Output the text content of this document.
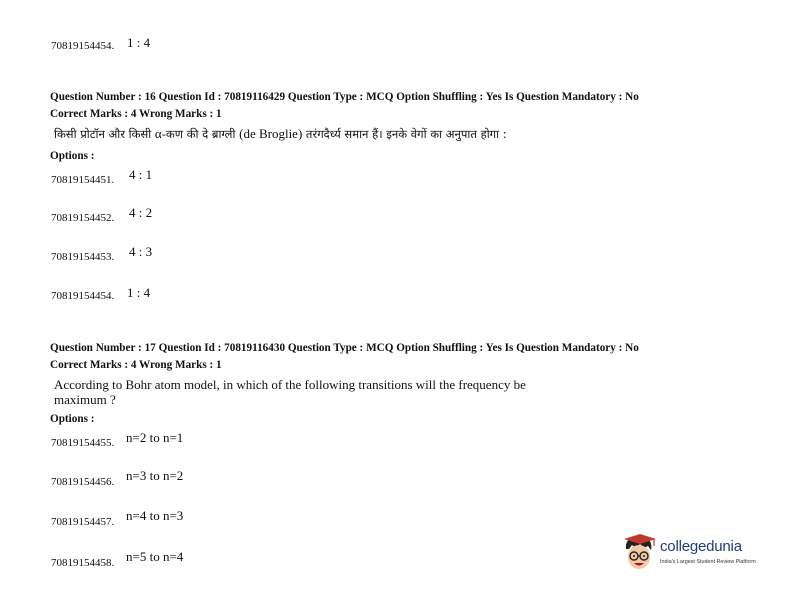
70819154454. 1 : 4
Question Number : 16 Question Id : 70819116429 Question Type : MCQ Option Shuffling : Yes Is Question Mandatory : No
Correct Marks : 4 Wrong Marks : 1
किसी प्रोटॉन और किसी α-कण की दे ब्राग्ली (de Broglie) तरंगदैर्ध्य समान हैं। इनके वेगों का अनुपात होगा :
Options :
70819154451. 4 : 1
70819154452. 4 : 2
70819154453. 4 : 3
70819154454. 1 : 4
Question Number : 17 Question Id : 70819116430 Question Type : MCQ Option Shuffling : Yes Is Question Mandatory : No
Correct Marks : 4 Wrong Marks : 1
According to Bohr atom model, in which of the following transitions will the frequency be
maximum ?
Options :
70819154455. n=2 to n=1
70819154456. n=3 to n=2
70819154457. n=4 to n=3
70819154458. n=5 to n=4
collegedunia
India's Largest Student Review Platform
